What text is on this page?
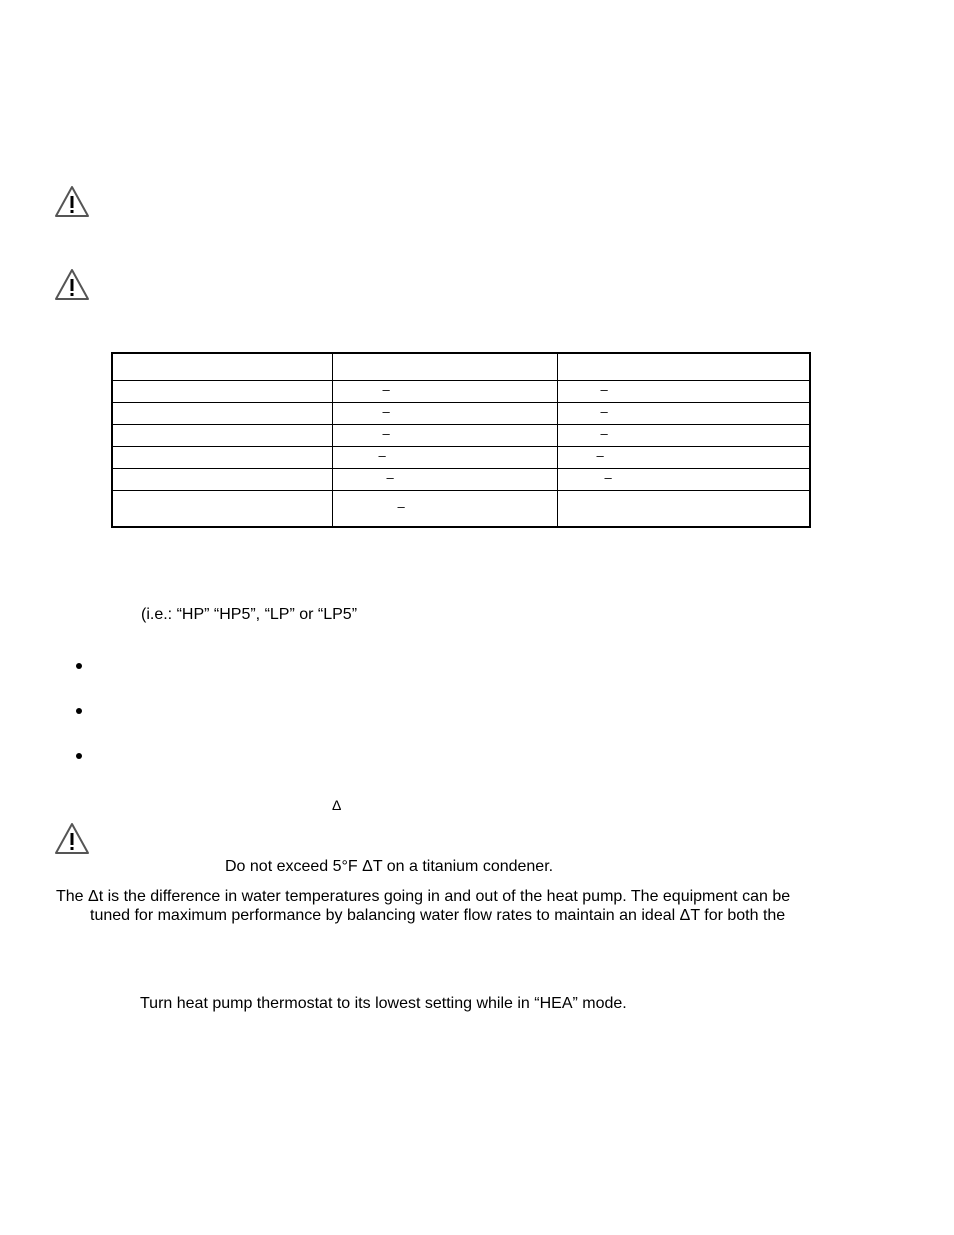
	–	–
	–	–
	–	–
	–	–
	–	–
	–	
(i.e.: “HP” “HP5”, “LP” or “LP5”
Δ
Do not exceed 5°F ΔT on a titanium condener.
The Δt is the difference in water temperatures going in and out of the heat pump. The equipment can be
tuned for maximum performance by balancing water flow rates to maintain an ideal ΔT for both the
Turn heat pump thermostat to its lowest setting while in “HEA” mode.
